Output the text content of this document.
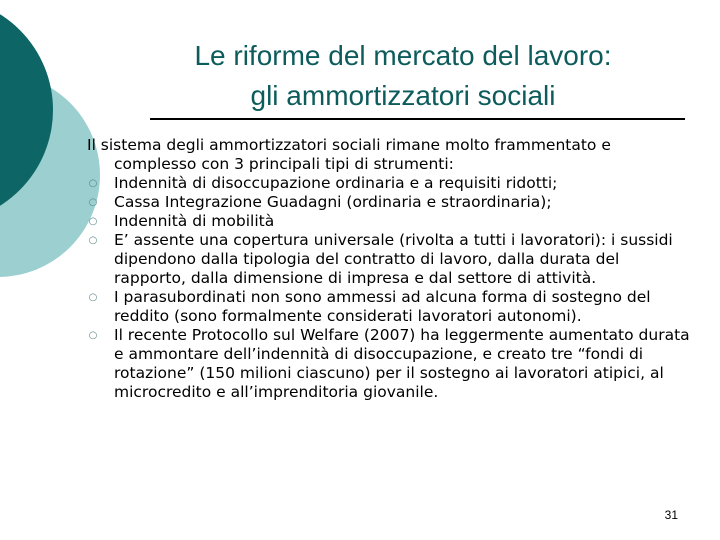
Le riforme del mercato del lavoro:
gli ammortizzatori sociali

Il sistema degli ammortizzatori sociali rimane molto frammentato e complesso con 3 principali tipi di strumenti:

○ Indennità di disoccupazione ordinaria e a requisiti ridotti;
○ Cassa Integrazione Guadagni (ordinaria e straordinaria);
○ Indennità di mobilità
○ E’ assente una copertura universale (rivolta a tutti i lavoratori): i sussidi dipendono dalla tipologia del contratto di lavoro, dalla durata del rapporto, dalla dimensione di impresa e dal settore di attività.
○ I parasubordinati non sono ammessi ad alcuna forma di sostegno del reddito (sono formalmente considerati lavoratori autonomi).
○ Il recente Protocollo sul Welfare (2007) ha leggermente aumentato durata e ammontare dell’indennità di disoccupazione, e creato tre “fondi di rotazione” (150 milioni ciascuno) per il sostegno ai lavoratori atipici, al microcredito e all’imprenditoria giovanile.
31
